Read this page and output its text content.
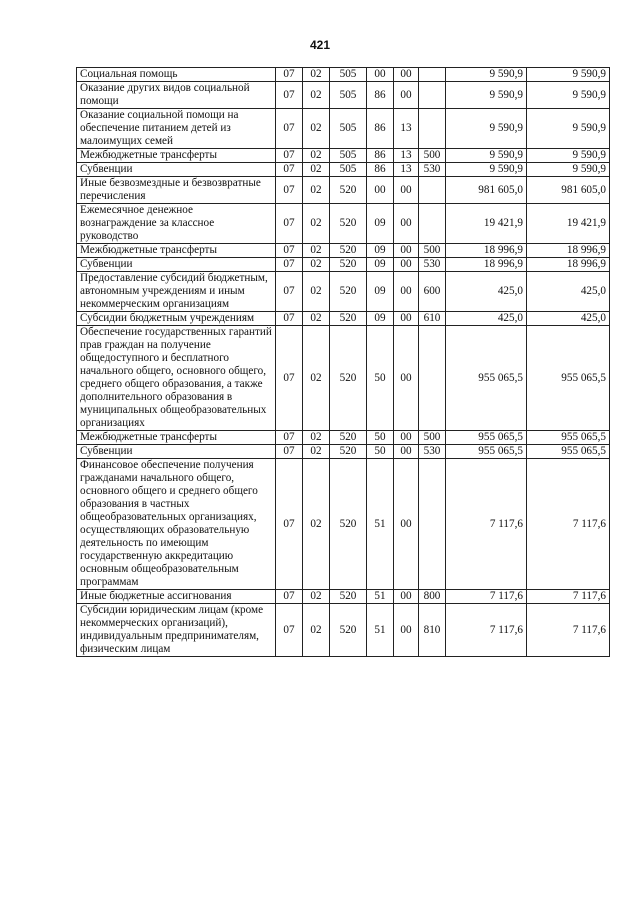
421
Социальная помощь	07	02	505	00	00		9 590,9	9 590,9
Оказание других видов социальной помощи	07	02	505	86	00		9 590,9	9 590,9
Оказание социальной помощи на обеспечение питанием детей из малоимущих семей	07	02	505	86	13		9 590,9	9 590,9
Межбюджетные трансферты	07	02	505	86	13	500	9 590,9	9 590,9
Субвенции	07	02	505	86	13	530	9 590,9	9 590,9
Иные безвозмездные и безвозвратные перечисления	07	02	520	00	00		981 605,0	981 605,0
Ежемесячное денежное вознаграждение за классное руководство	07	02	520	09	00		19 421,9	19 421,9
Межбюджетные трансферты	07	02	520	09	00	500	18 996,9	18 996,9
Субвенции	07	02	520	09	00	530	18 996,9	18 996,9
Предоставление субсидий бюджетным, автономным учреждениям и иным некоммерческим организациям	07	02	520	09	00	600	425,0	425,0
Субсидии бюджетным учреждениям	07	02	520	09	00	610	425,0	425,0
Обеспечение государственных гарантий прав граждан на получение общедоступного и бесплатного начального общего, основного общего, среднего общего образования, а также дополнительного образования в муниципальных общеобразовательных организациях	07	02	520	50	00		955 065,5	955 065,5
Межбюджетные трансферты	07	02	520	50	00	500	955 065,5	955 065,5
Субвенции	07	02	520	50	00	530	955 065,5	955 065,5
Финансовое обеспечение получения гражданами начального общего, основного общего и среднего общего образования в частных общеобразовательных организациях, осуществляющих образовательную деятельность по имеющим государственную аккредитацию основным общеобразовательным программам	07	02	520	51	00		7 117,6	7 117,6
Иные бюджетные ассигнования	07	02	520	51	00	800	7 117,6	7 117,6
Субсидии юридическим лицам (кроме некоммерческих организаций), индивидуальным предпринимателям, физическим лицам	07	02	520	51	00	810	7 117,6	7 117,6
